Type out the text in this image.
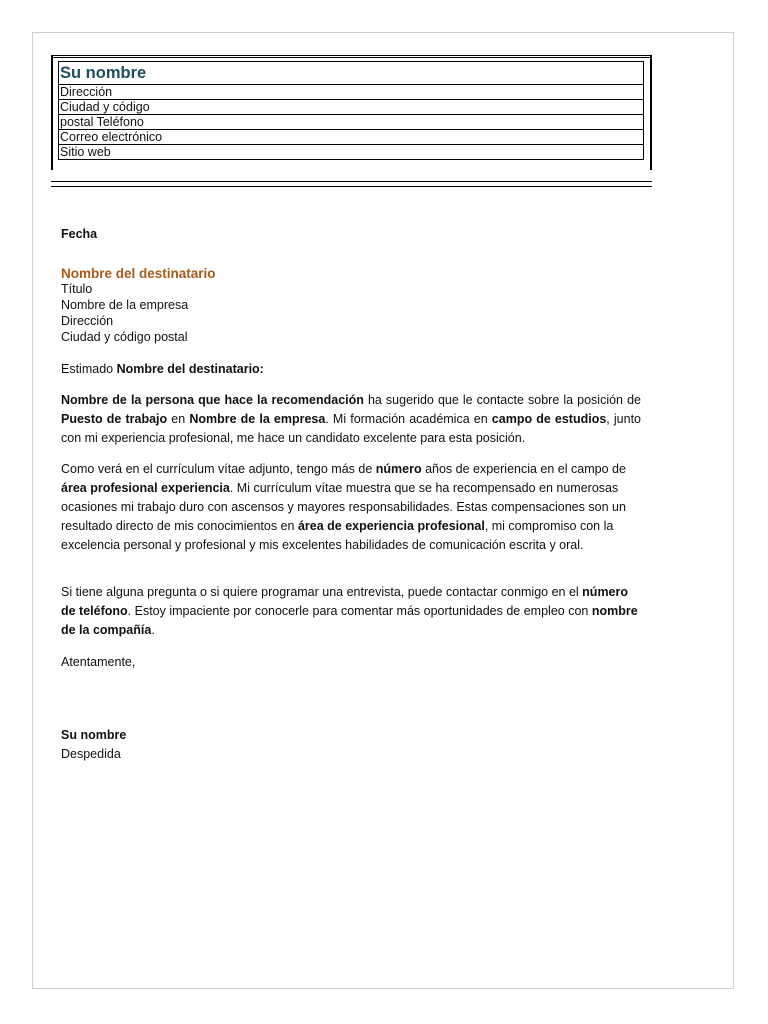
Su nombre
Dirección
Ciudad y código
postal Teléfono
Correo electrónico
Sitio web
Fecha
Nombre del destinatario
Título
Nombre de la empresa
Dirección
Ciudad y código postal
Estimado Nombre del destinatario:
Nombre de la persona que hace la recomendación ha sugerido que le contacte sobre la posición de Puesto de trabajo en Nombre de la empresa. Mi formación académica en campo de estudios, junto con mi experiencia profesional, me hace un candidato excelente para esta posición.
Como verá en el currículum vítae adjunto, tengo más de número años de experiencia en el campo de área profesional experiencia. Mi currículum vítae muestra que se ha recompensado en numerosas ocasiones mi trabajo duro con ascensos y mayores responsabilidades. Estas compensaciones son un resultado directo de mis conocimientos en área de experiencia profesional, mi compromiso con la excelencia personal y profesional y mis excelentes habilidades de comunicación escrita y oral.
Si tiene alguna pregunta o si quiere programar una entrevista, puede contactar conmigo en el número de teléfono. Estoy impaciente por conocerle para comentar más oportunidades de empleo con nombre de la compañía.
Atentamente,
Su nombre
Despedida
